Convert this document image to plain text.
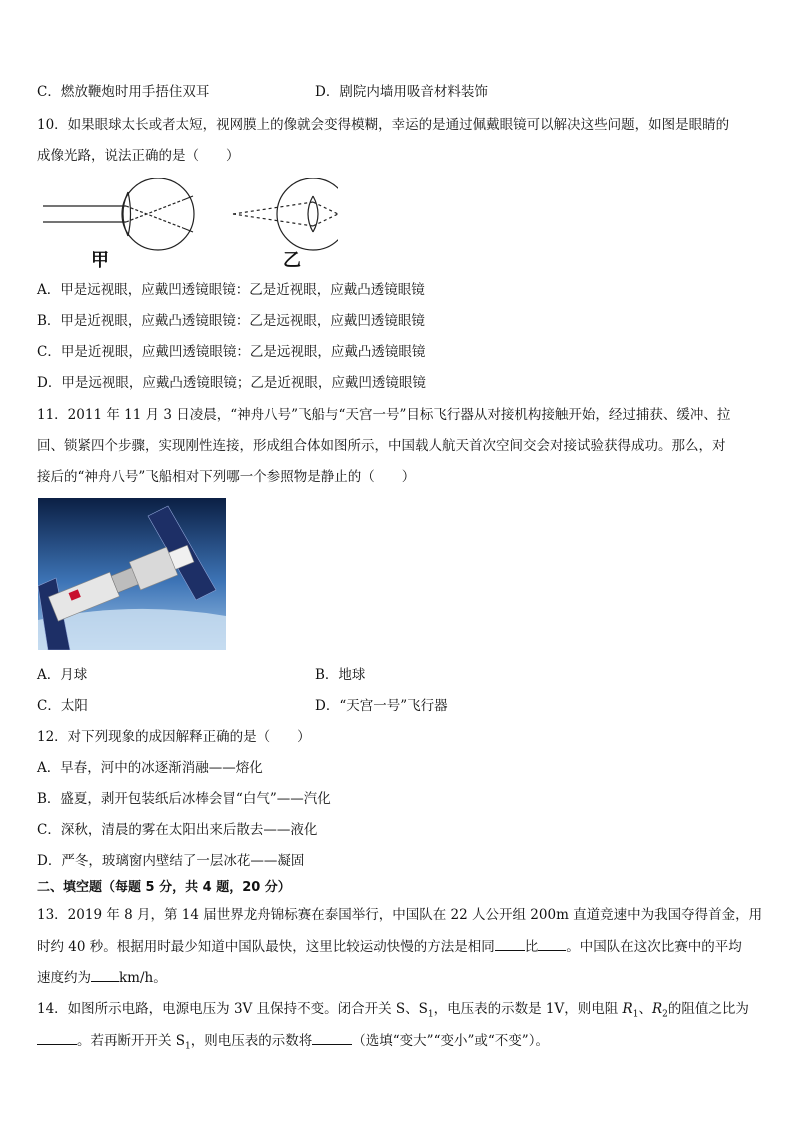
C．燃放鞭炮时用手捂住双耳	D．剧院内墙用吸音材料装饰
10．如果眼球太长或者太短，视网膜上的像就会变得模糊，幸运的是通过佩戴眼镜可以解决这些问题，如图是眼睛的
成像光路，说法正确的是（　　）
甲	乙
A．甲是远视眼，应戴凹透镜眼镜：乙是近视眼，应戴凸透镜眼镜
B．甲是近视眼，应戴凸透镜眼镜：乙是远视眼，应戴凹透镜眼镜
C．甲是近视眼，应戴凹透镜眼镜：乙是远视眼，应戴凸透镜眼镜
D．甲是远视眼，应戴凸透镜眼镜；乙是近视眼，应戴凹透镜眼镜
11．2011 年 11 月 3 日凌晨，“神舟八号”飞船与“天宫一号”目标飞行器从对接机构接触开始，经过捕获、缓冲、拉
回、锁紧四个步骤，实现刚性连接，形成组合体如图所示，中国载人航天首次空间交会对接试验获得成功。那么，对
接后的“神舟八号”飞船相对下列哪一个参照物是静止的（　　）
A．月球	B．地球
C．太阳	D．“天宫一号”飞行器
12．对下列现象的成因解释正确的是（　　）
A．早春，河中的冰逐渐消融——熔化
B．盛夏，剥开包装纸后冰棒会冒“白气”——汽化
C．深秋，清晨的雾在太阳出来后散去——液化
D．严冬，玻璃窗内壁结了一层冰花——凝固
二、填空题（每题 5 分，共 4 题，20 分）
13．2019 年 8 月，第 14 届世界龙舟锦标赛在泰国举行，中国队在 22 人公开组 200m 直道竞速中为我国夺得首金，用
时约 40 秒。根据用时最少知道中国队最快，这里比较运动快慢的方法是相同 比 。中国队在这次比赛中的平均
速度约为 km/h。
14．如图所示电路，电源电压为 3V 且保持不变。闭合开关 S、$S_1$，电压表的示数是 1V，则电阻 $R_1$、$R_2$的阻值之比为
。若再断开开关 $S_1$，则电压表的示数将	（选填“变大”“变小”或“不变”）。
